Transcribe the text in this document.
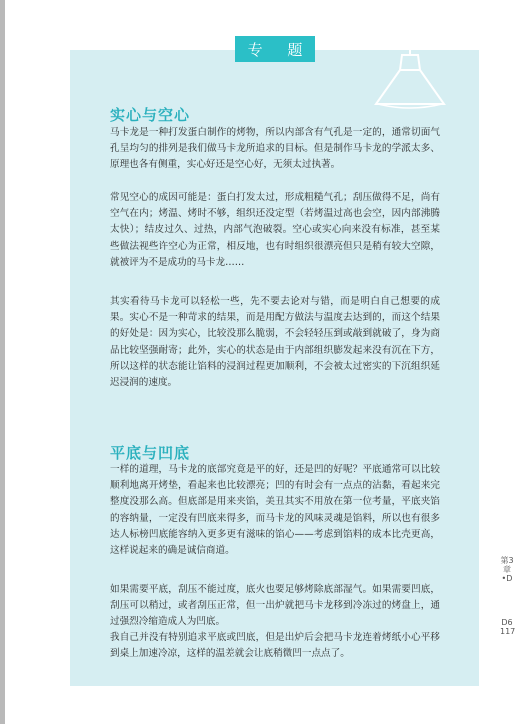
专 题
实心与空心

马卡龙是一种打发蛋白制作的烤物，所以内部含有气孔是一定的，通常切面气孔呈均匀的排列是我们做马卡龙所追求的目标。但是制作马卡龙的学派太多、原理也各有侧重，实心好还是空心好，无须太过执著。

常见空心的成因可能是：蛋白打发太过，形成粗糙气孔；刮压做得不足，尚有空气在内；烤温、烤时不够，组织还没定型（若烤温过高也会空，因内部沸腾太快）；结皮过久、过热，内部气泡破裂。空心或实心向来没有标准，甚至某些做法视些许空心为正常，相反地，也有时组织很漂亮但只是稍有较大空隙，就被评为不是成功的马卡龙……

其实看待马卡龙可以轻松一些，先不要去论对与错，而是明白自己想要的成果。实心不是一种苛求的结果，而是用配方做法与温度去达到的，而这个结果的好处是：因为实心，比较没那么脆弱，不会轻轻压到或敲到就破了，身为商品比较坚强耐寄；此外，实心的状态是由于内部组织膨发起来没有沉在下方，所以这样的状态能让馅料的浸润过程更加顺利，不会被太过密实的下沉组织延迟浸润的速度。

平底与凹底

一样的道理，马卡龙的底部究竟是平的好，还是凹的好呢？平底通常可以比较顺利地离开烤垫，看起来也比较漂亮；凹的有时会有一点点的沾黏，看起来完整度没那么高。但底部是用来夹馅，美丑其实不用放在第一位考量，平底夹馅的容纳量，一定没有凹底来得多，而马卡龙的风味灵魂是馅料，所以也有很多达人标榜凹底能容纳入更多更有滋味的馅心——考虑到馅料的成本比壳更高，这样说起来的确是诚信商道。

如果需要平底，刮压不能过度，底火也要足够烤除底部湿气。如果需要凹底，刮压可以稍过，或者刮压正常，但一出炉就把马卡龙移到冷冻过的烤盘上，通过强烈冷缩造成人为凹底。

我自己并没有特别追求平底或凹底，但是出炉后会把马卡龙连着烤纸小心平移到桌上加速冷凉，这样的温差就会让底稍微凹一点点了。

第3章•D
D6 117
